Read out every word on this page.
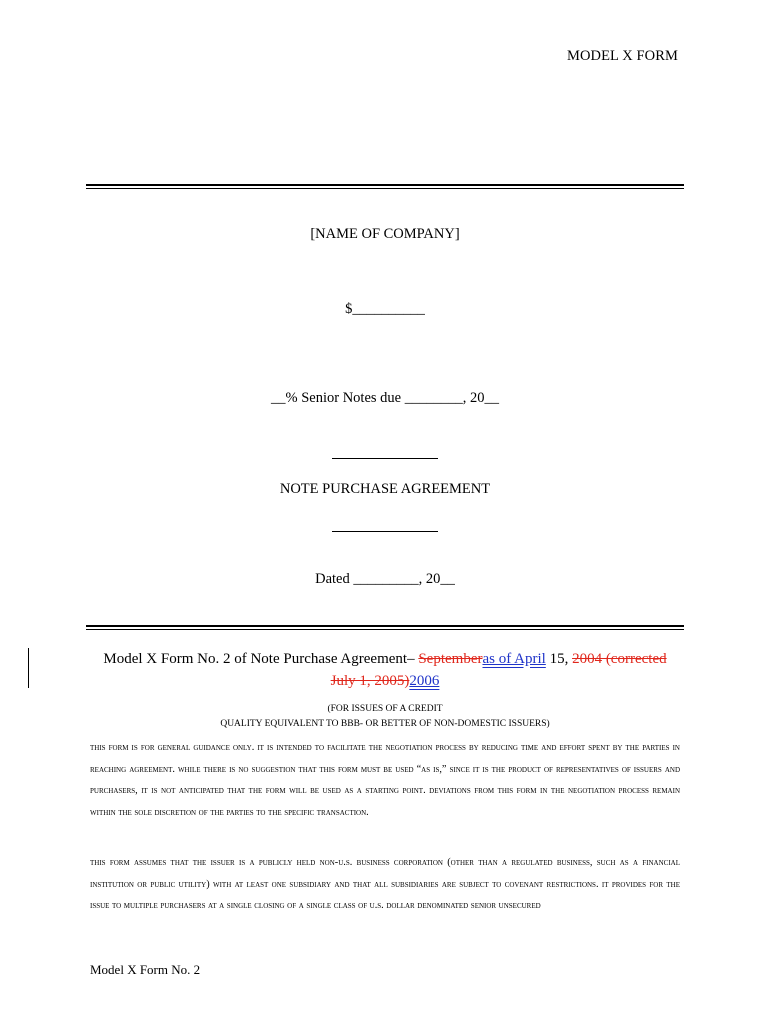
MODEL X FORM
[NAME OF COMPANY]
$__________
__% Senior Notes due ________, 20__
NOTE PURCHASE AGREEMENT
Dated _________, 20__
Model X Form No. 2 of Note Purchase Agreement– Septemberas of April 15, 2004 (corrected
July 1, 2005)2006
(FOR ISSUES OF A CREDIT
QUALITY EQUIVALENT TO BBB- OR BETTER OF NON-DOMESTIC ISSUERS)
this form is for general guidance only. it is intended to facilitate the negotiation process by reducing time and effort spent by the parties in reaching agreement. while there is no suggestion that this form must be used “as is,” since it is the product of representatives of issuers and purchasers, it is not anticipated that the form will be used as a starting point. deviations from this form in the negotiation process remain within the sole discretion of the parties to the specific transaction.
this form assumes that the issuer is a publicly held non-u.s. business corporation (other than a regulated business, such as a financial institution or public utility) with at least one subsidiary and that all subsidiaries are subject to covenant restrictions. it provides for the issue to multiple purchasers at a single closing of a single class of u.s. dollar denominated senior unsecured
Model X Form No. 2
